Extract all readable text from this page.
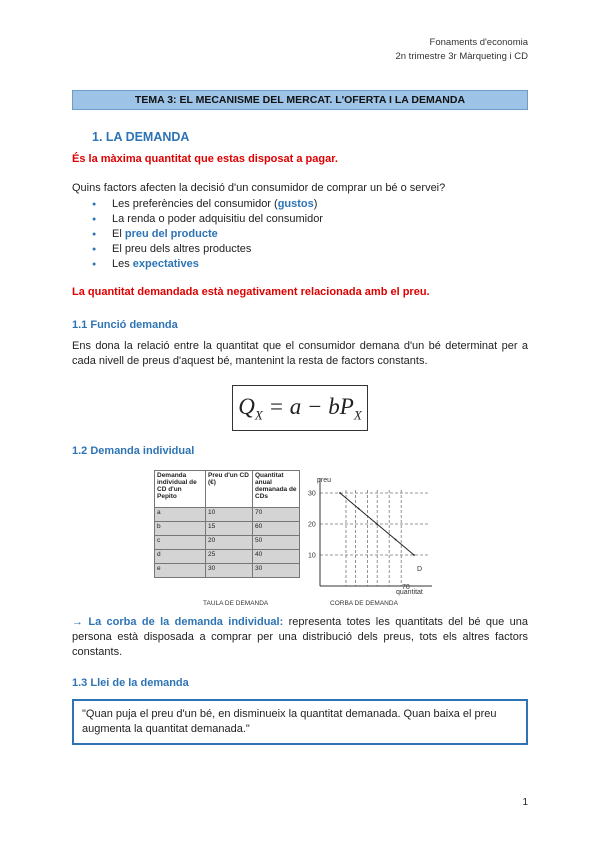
Fonaments d'economia
2n trimestre 3r Màrqueting i CD
TEMA 3: EL MECANISME DEL MERCAT. L'OFERTA I LA DEMANDA
1. LA DEMANDA
És la màxima quantitat que estas disposat a pagar.
Quins factors afecten la decisió d'un consumidor de comprar un bé o servei?
● Les preferències del consumidor (gustos)
● La renda o poder adquisitiu del consumidor
● El preu del producte
● El preu dels altres productes
● Les expectatives
La quantitat demandada està negativament relacionada amb el preu.
1.1 Funció demanda
Ens dona la relació entre la quantitat que el consumidor demana d'un bé determinat per a cada nivell de preus d'aquest bé, mantenint la resta de factors constants.
$Q_X = a - bP_X$
1.2 Demanda individual
Demanda individual de CD d'un Pepito	Preu d'un CD (€)	Quantitat anual demanada de CDs
a	10	70
b	15	60
c	20	50
d	25	40
e	30	30
TAULA DE DEMANDA
30
20
10
70
preu
quantitat
D
CORBA DE DEMANDA
→ La corba de la demanda individual: representa totes les quantitats del bé que una persona està disposada a comprar per una distribució dels preus, tots els altres factors constants.
1.3 Llei de la demanda
"Quan puja el preu d'un bé, en disminueix la quantitat demanada. Quan baixa el preu augmenta la quantitat demanada."
1
